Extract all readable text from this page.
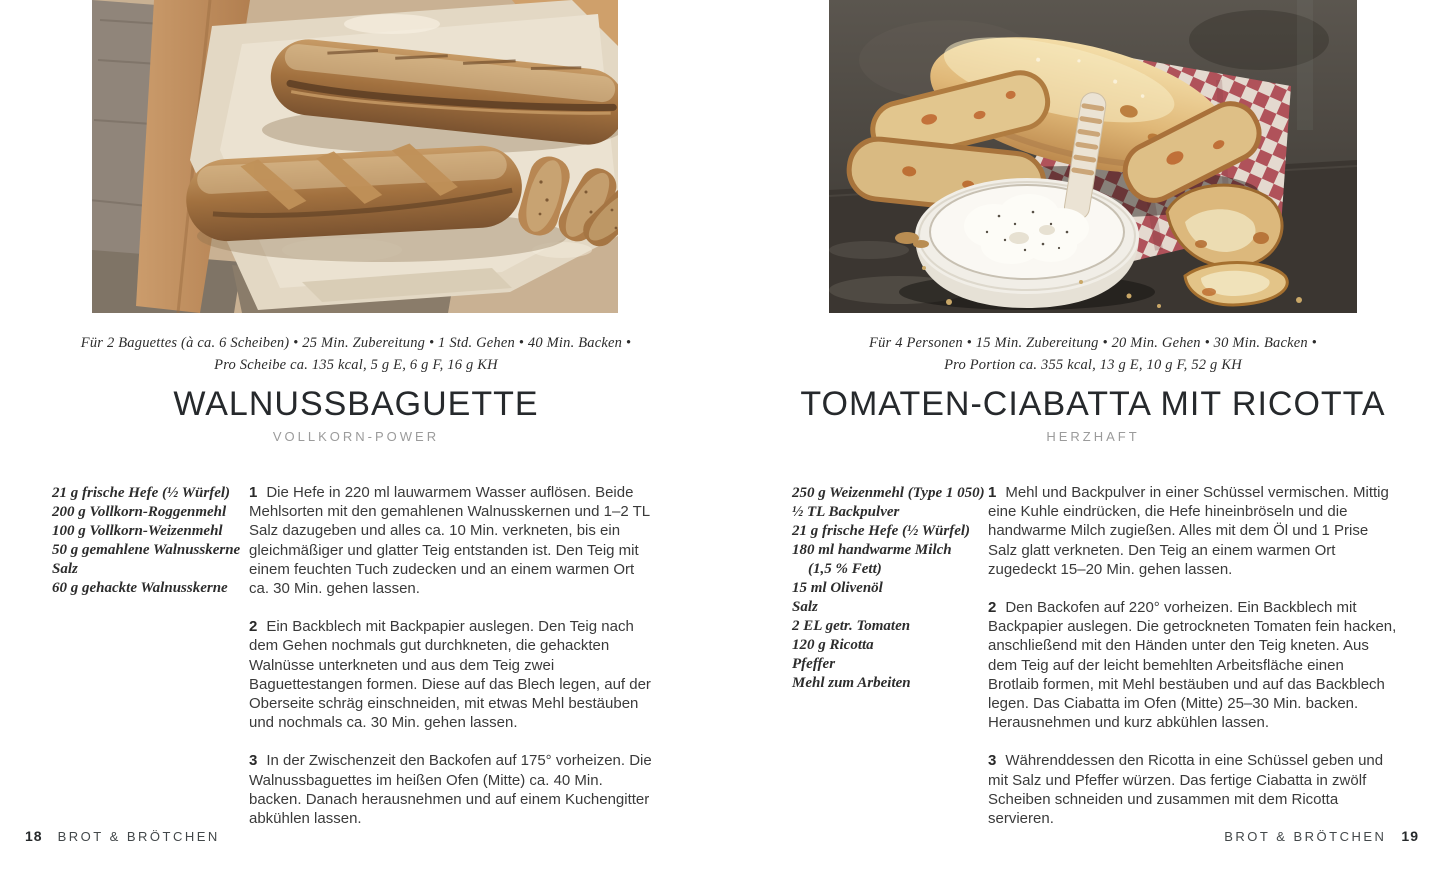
Für 2 Baguettes (à ca. 6 Scheiben) • 25 Min. Zubereitung • 1 Std. Gehen • 40 Min. Backen •

Pro Scheibe ca. 135 kcal, 5 g E, 6 g F, 16 g KH

WALNUSSBAGUETTE

VOLLKORN-POWER

21 g frische Hefe (½ Würfel)

200 g Vollkorn-Roggenmehl

100 g Vollkorn-Weizenmehl

50 g gemahlene Walnusskerne

Salz

60 g gehackte Walnusskerne

1 Die Hefe in 220 ml lauwarmem Wasser auflösen. Beide Mehlsorten mit den gemahlenen Walnusskernen und 1–2 TL Salz dazugeben und alles ca. 10 Min. verkneten, bis ein gleichmäßiger und glatter Teig entstanden ist. Den Teig mit einem feuchten Tuch zudecken und an einem warmen Ort ca. 30 Min. gehen lassen.

2 Ein Backblech mit Backpapier auslegen. Den Teig nach dem Gehen nochmals gut durchkneten, die gehackten Walnüsse unterkneten und aus dem Teig zwei Baguettestangen formen. Diese auf das Blech legen, auf der Oberseite schräg einschneiden, mit etwas Mehl bestäuben und nochmals ca. 30 Min. gehen lassen.

3 In der Zwischenzeit den Backofen auf 175° vorheizen. Die Walnussbaguettes im heißen Ofen (Mitte) ca. 40 Min. backen. Danach herausnehmen und auf einem Kuchengitter abkühlen lassen.

Für 4 Personen • 15 Min. Zubereitung • 20 Min. Gehen • 30 Min. Backen •

Pro Portion ca. 355 kcal, 13 g E, 10 g F, 52 g KH

TOMATEN-CIABATTA MIT RICOTTA

HERZHAFT

250 g Weizenmehl (Type 1 050)

½ TL Backpulver

21 g frische Hefe (½ Würfel)

180 ml handwarme Milch

(1,5 % Fett)

15 ml Olivenöl

Salz

2 EL getr. Tomaten

120 g Ricotta

Pfeffer

Mehl zum Arbeiten

1 Mehl und Backpulver in einer Schüssel vermischen. Mittig eine Kuhle eindrücken, die Hefe hineinbröseln und die handwarme Milch zugießen. Alles mit dem Öl und 1 Prise Salz glatt verkneten. Den Teig an einem warmen Ort zugedeckt 15–20 Min. gehen lassen.

2 Den Backofen auf 220° vorheizen. Ein Backblech mit Backpapier auslegen. Die getrockneten Tomaten fein hacken, anschließend mit den Händen unter den Teig kneten. Aus dem Teig auf der leicht bemehlten Arbeitsfläche einen Brotlaib formen, mit Mehl bestäuben und auf das Backblech legen. Das Ciabatta im Ofen (Mitte) 25–30 Min. backen. Herausnehmen und kurz abkühlen lassen.

3 Währenddessen den Ricotta in eine Schüssel geben und mit Salz und Pfeffer würzen. Das fertige Ciabatta in zwölf Scheiben schneiden und zusammen mit dem Ricotta servieren.

18 BROT & BRÖTCHEN	BROT & BRÖTCHEN 19
